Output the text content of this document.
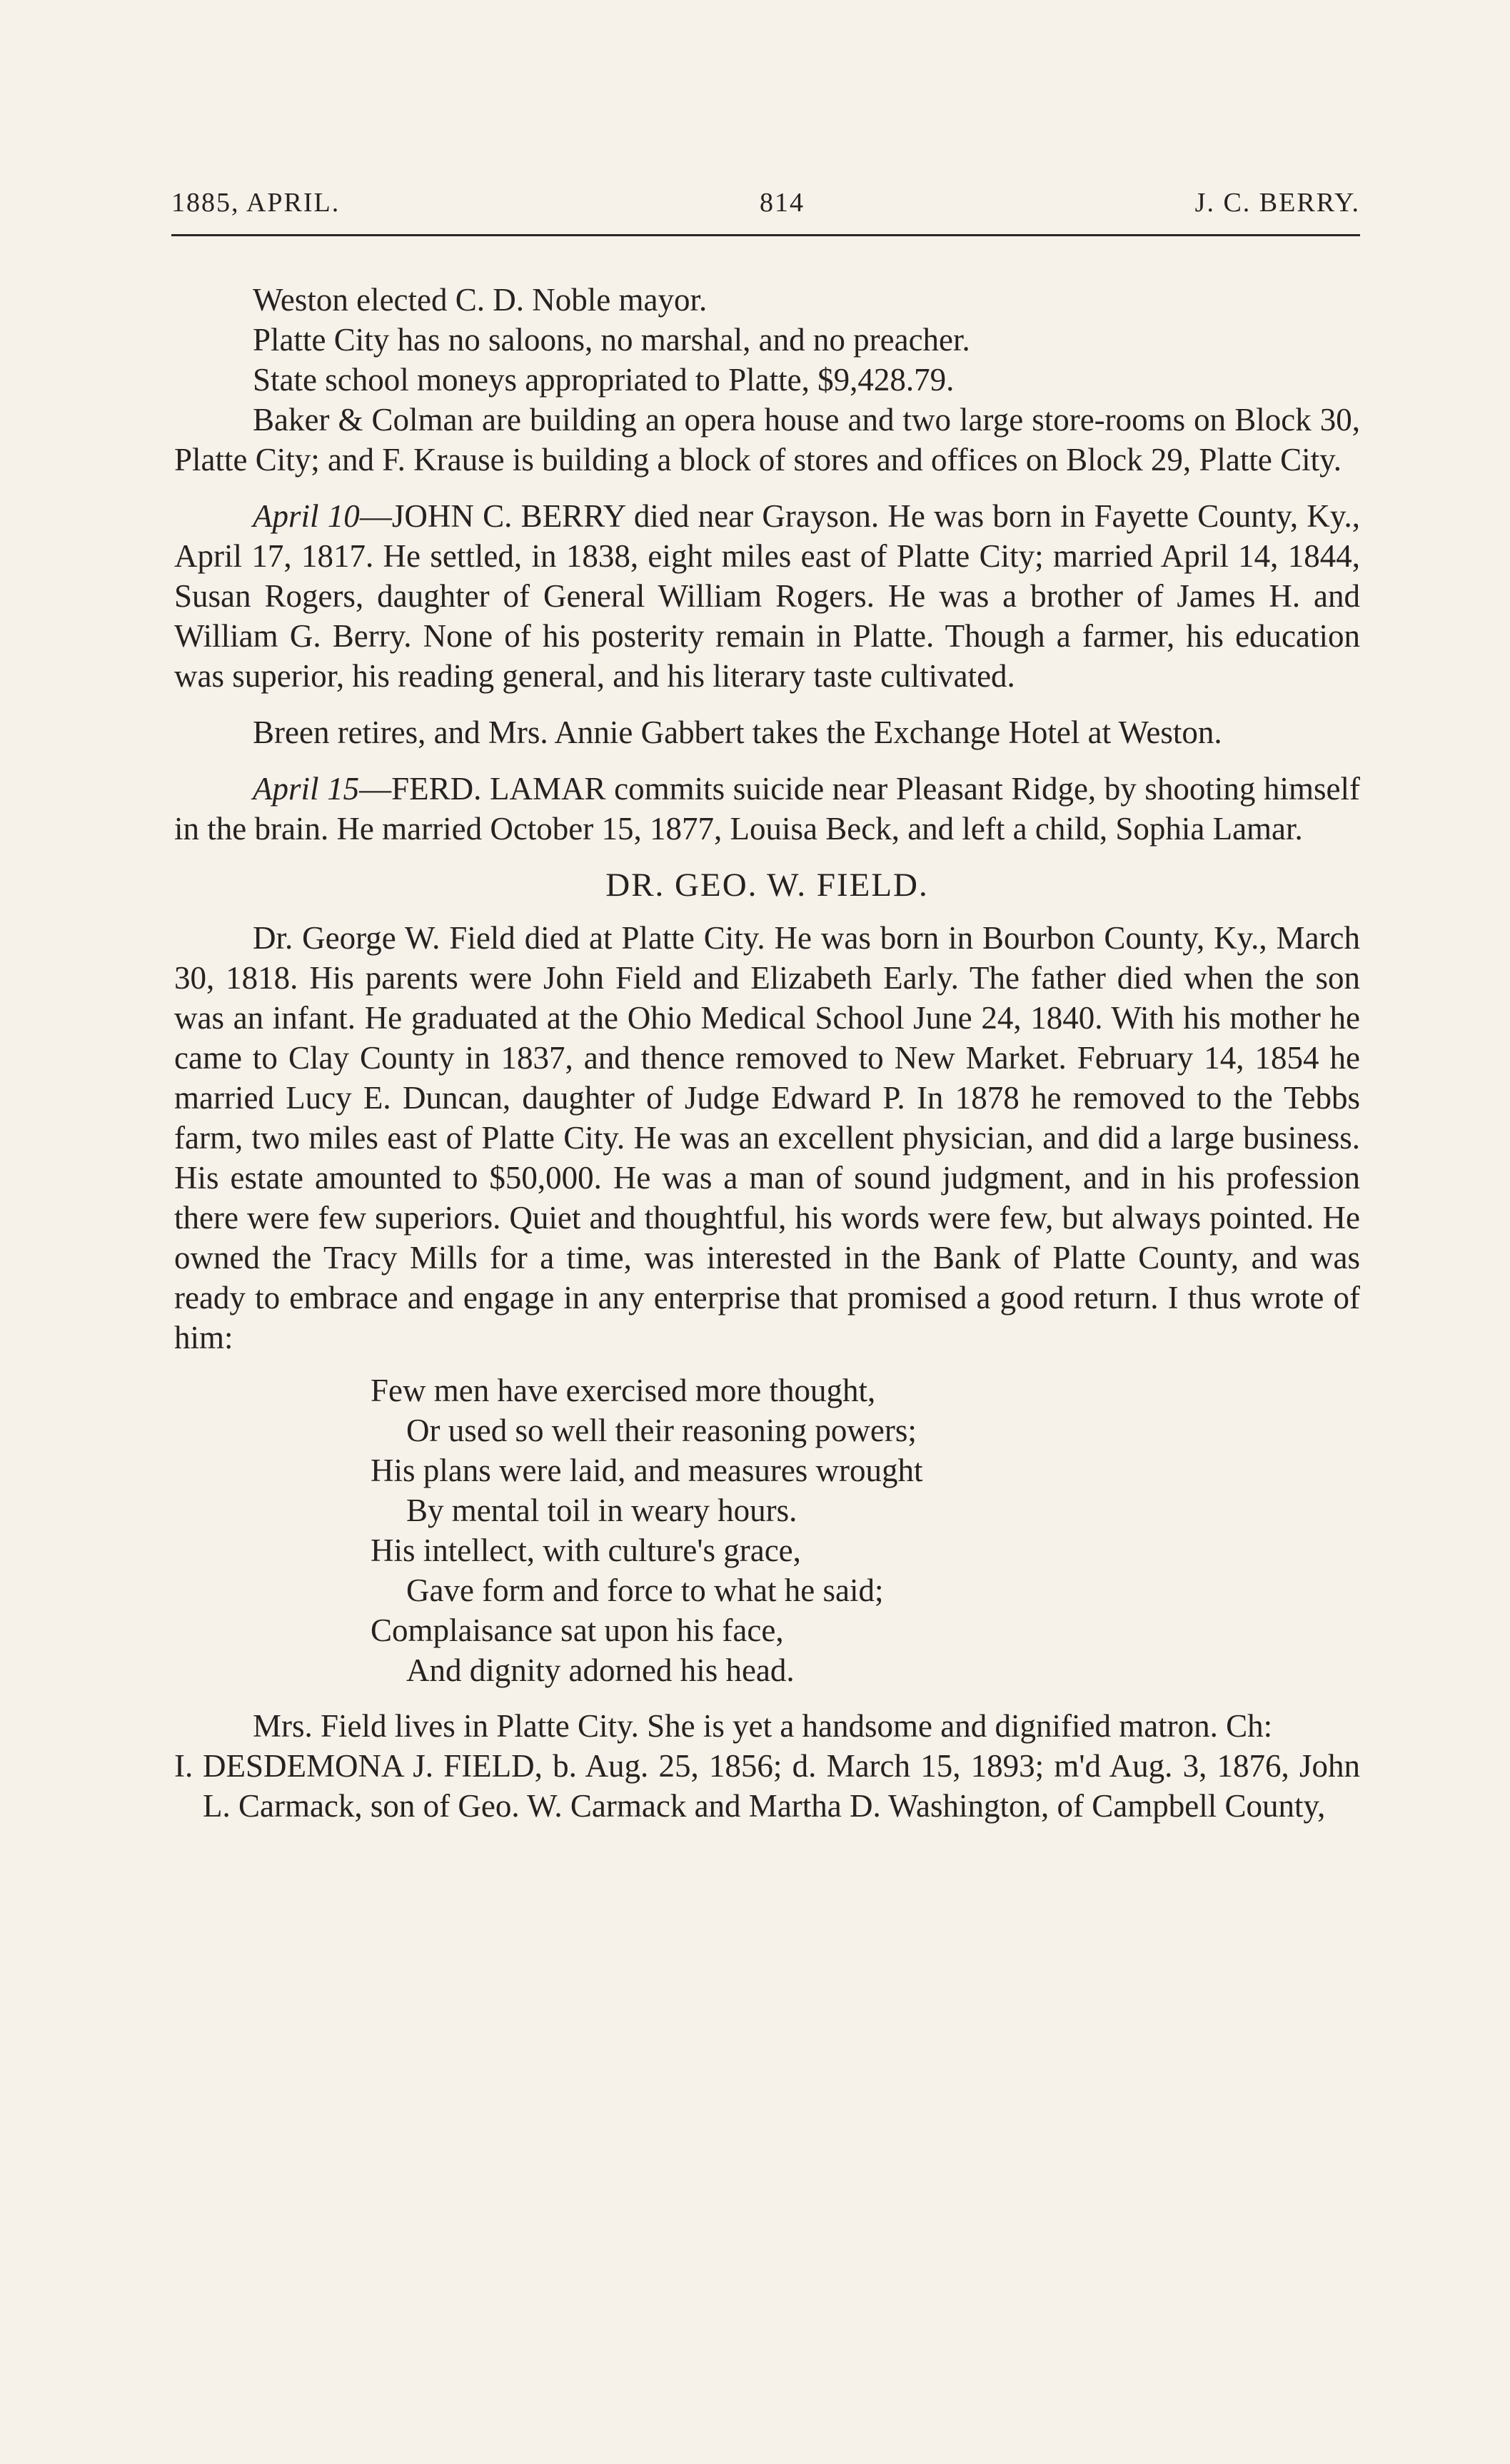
1885, APRIL.	814	J. C. BERRY.

Weston elected C. D. Noble mayor.

Platte City has no saloons, no marshal, and no preacher.

State school moneys appropriated to Platte, $9,428.79.

Baker & Colman are building an opera house and two large store-rooms on Block 30, Platte City; and F. Krause is building a block of stores and offices on Block 29, Platte City.

April 10—JOHN C. BERRY died near Grayson. He was born in Fayette County, Ky., April 17, 1817. He settled, in 1838, eight miles east of Platte City; married April 14, 1844, Susan Rogers, daughter of General William Rogers. He was a brother of James H. and William G. Berry. None of his posterity remain in Platte. Though a farmer, his education was superior, his reading general, and his literary taste cultivated.

Breen retires, and Mrs. Annie Gabbert takes the Exchange Hotel at Weston.

April 15—FERD. LAMAR commits suicide near Pleasant Ridge, by shooting himself in the brain. He married October 15, 1877, Louisa Beck, and left a child, Sophia Lamar.

DR. GEO. W. FIELD.

Dr. George W. Field died at Platte City. He was born in Bourbon County, Ky., March 30, 1818. His parents were John Field and Elizabeth Early. The father died when the son was an infant. He graduated at the Ohio Medical School June 24, 1840. With his mother he came to Clay County in 1837, and thence removed to New Market. February 14, 1854 he married Lucy E. Duncan, daughter of Judge Edward P. In 1878 he removed to the Tebbs farm, two miles east of Platte City. He was an excellent physician, and did a large business. His estate amounted to $50,000. He was a man of sound judgment, and in his profession there were few superiors. Quiet and thoughtful, his words were few, but always pointed. He owned the Tracy Mills for a time, was interested in the Bank of Platte County, and was ready to embrace and engage in any enterprise that promised a good return. I thus wrote of him:

Few men have exercised more thought,
Or used so well their reasoning powers;
His plans were laid, and measures wrought
By mental toil in weary hours.
His intellect, with culture's grace,
Gave form and force to what he said;
Complaisance sat upon his face,
And dignity adorned his head.

Mrs. Field lives in Platte City. She is yet a handsome and dignified matron. Ch:

I. DESDEMONA J. FIELD, b. Aug. 25, 1856; d. March 15, 1893; m'd Aug. 3, 1876, John L. Carmack, son of Geo. W. Carmack and Martha D. Washington, of Campbell County,
